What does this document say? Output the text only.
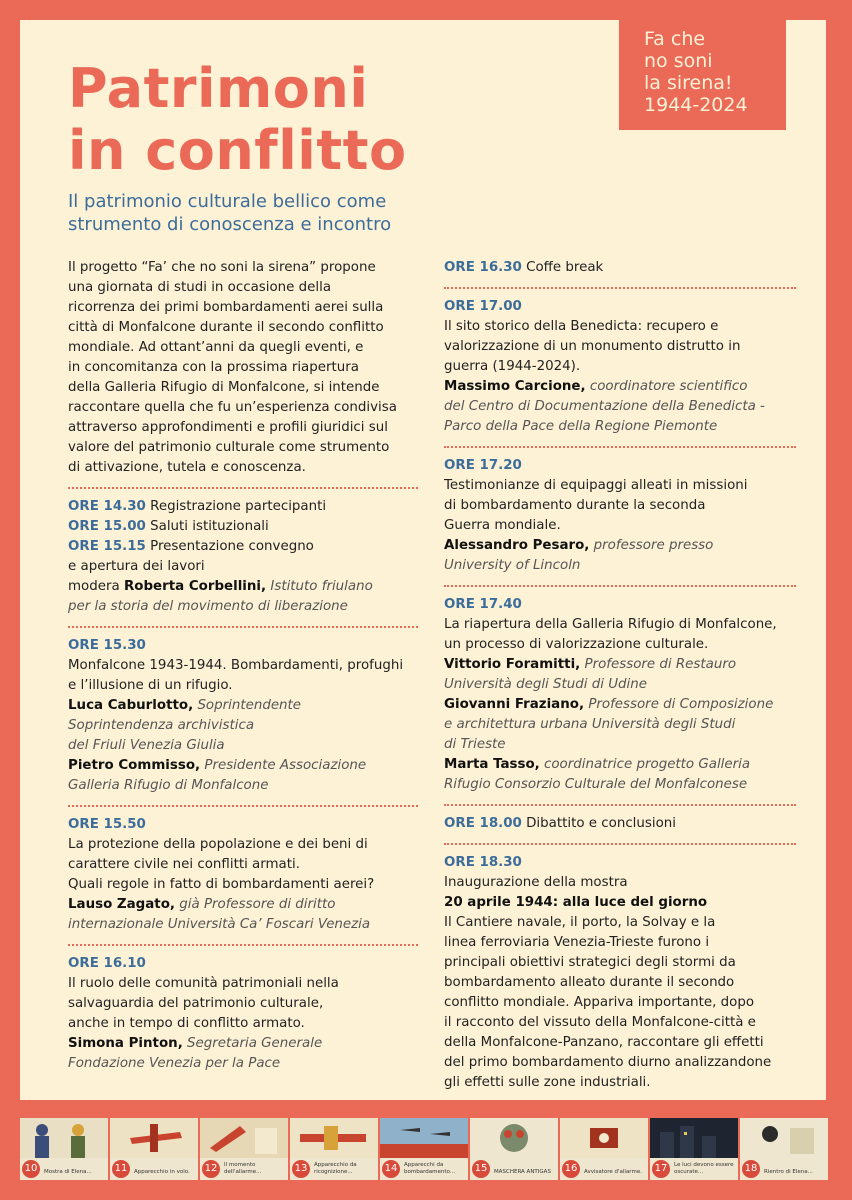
Fa che
no soni
la sirena!
1944-2024
Patrimoni
in conflitto
Il patrimonio culturale bellico come
strumento di conoscenza e incontro
Il progetto “Fa’ che no soni la sirena” propone
una giornata di studi in occasione della
ricorrenza dei primi bombardamenti aerei sulla
città di Monfalcone durante il secondo conflitto
mondiale. Ad ottant’anni da quegli eventi, e
in concomitanza con la prossima riapertura
della Galleria Rifugio di Monfalcone, si intende
raccontare quella che fu un’esperienza condivisa
attraverso approfondimenti e profili giuridici sul
valore del patrimonio culturale come strumento
di attivazione, tutela e conoscenza.
ORE 14.30 Registrazione partecipanti
ORE 15.00 Saluti istituzionali
ORE 15.15 Presentazione convegno
e apertura dei lavori
modera Roberta Corbellini, Istituto friulano
per la storia del movimento di liberazione
ORE 15.30
Monfalcone 1943-1944. Bombardamenti, profughi
e l’illusione di un rifugio.
Luca Caburlotto, Soprintendente
Soprintendenza archivistica
del Friuli Venezia Giulia
Pietro Commisso, Presidente Associazione
Galleria Rifugio di Monfalcone
ORE 15.50
La protezione della popolazione e dei beni di
carattere civile nei conflitti armati.
Quali regole in fatto di bombardamenti aerei?
Lauso Zagato, già Professore di diritto
internazionale Università Ca’ Foscari Venezia
ORE 16.10
Il ruolo delle comunità patrimoniali nella
salvaguardia del patrimonio culturale,
anche in tempo di conflitto armato.
Simona Pinton, Segretaria Generale
Fondazione Venezia per la Pace
ORE 16.30 Coffe break
ORE 17.00
Il sito storico della Benedicta: recupero e
valorizzazione di un monumento distrutto in
guerra (1944-2024).
Massimo Carcione, coordinatore scientifico
del Centro di Documentazione della Benedicta -
Parco della Pace della Regione Piemonte
ORE 17.20
Testimonianze di equipaggi alleati in missioni
di bombardamento durante la seconda
Guerra mondiale.
Alessandro Pesaro, professore presso
University of Lincoln
ORE 17.40
La riapertura della Galleria Rifugio di Monfalcone,
un processo di valorizzazione culturale.
Vittorio Foramitti, Professore di Restauro
Università degli Studi di Udine
Giovanni Fraziano, Professore di Composizione
e architettura urbana Università degli Studi
di Trieste
Marta Tasso, coordinatrice progetto Galleria
Rifugio Consorzio Culturale del Monfalconese
ORE 18.00 Dibattito e conclusioni
ORE 18.30
Inaugurazione della mostra
20 aprile 1944: alla luce del giorno
Il Cantiere navale, il porto, la Solvay e la
linea ferroviaria Venezia-Trieste furono i
principali obiettivi strategici degli stormi da
bombardamento alleato durante il secondo
conflitto mondiale. Appariva importante, dopo
il racconto del vissuto della Monfalcone-città e
della Monfalcone-Panzano, raccontare gli effetti
del primo bombardamento diurno analizzandone
gli effetti sulle zone industriali.
10	Mostra di Elena...	11	Apparecchio in volo.	12	Il momento dell'allarme...	13	Apparecchio da ricognizione...	14	Apparecchi da bombardamento...	15	MASCHERA ANTIGAS	16	Avvisatore d'allarme.	17	Le luci devono essere oscurate...	18	Rientro di Elena...
